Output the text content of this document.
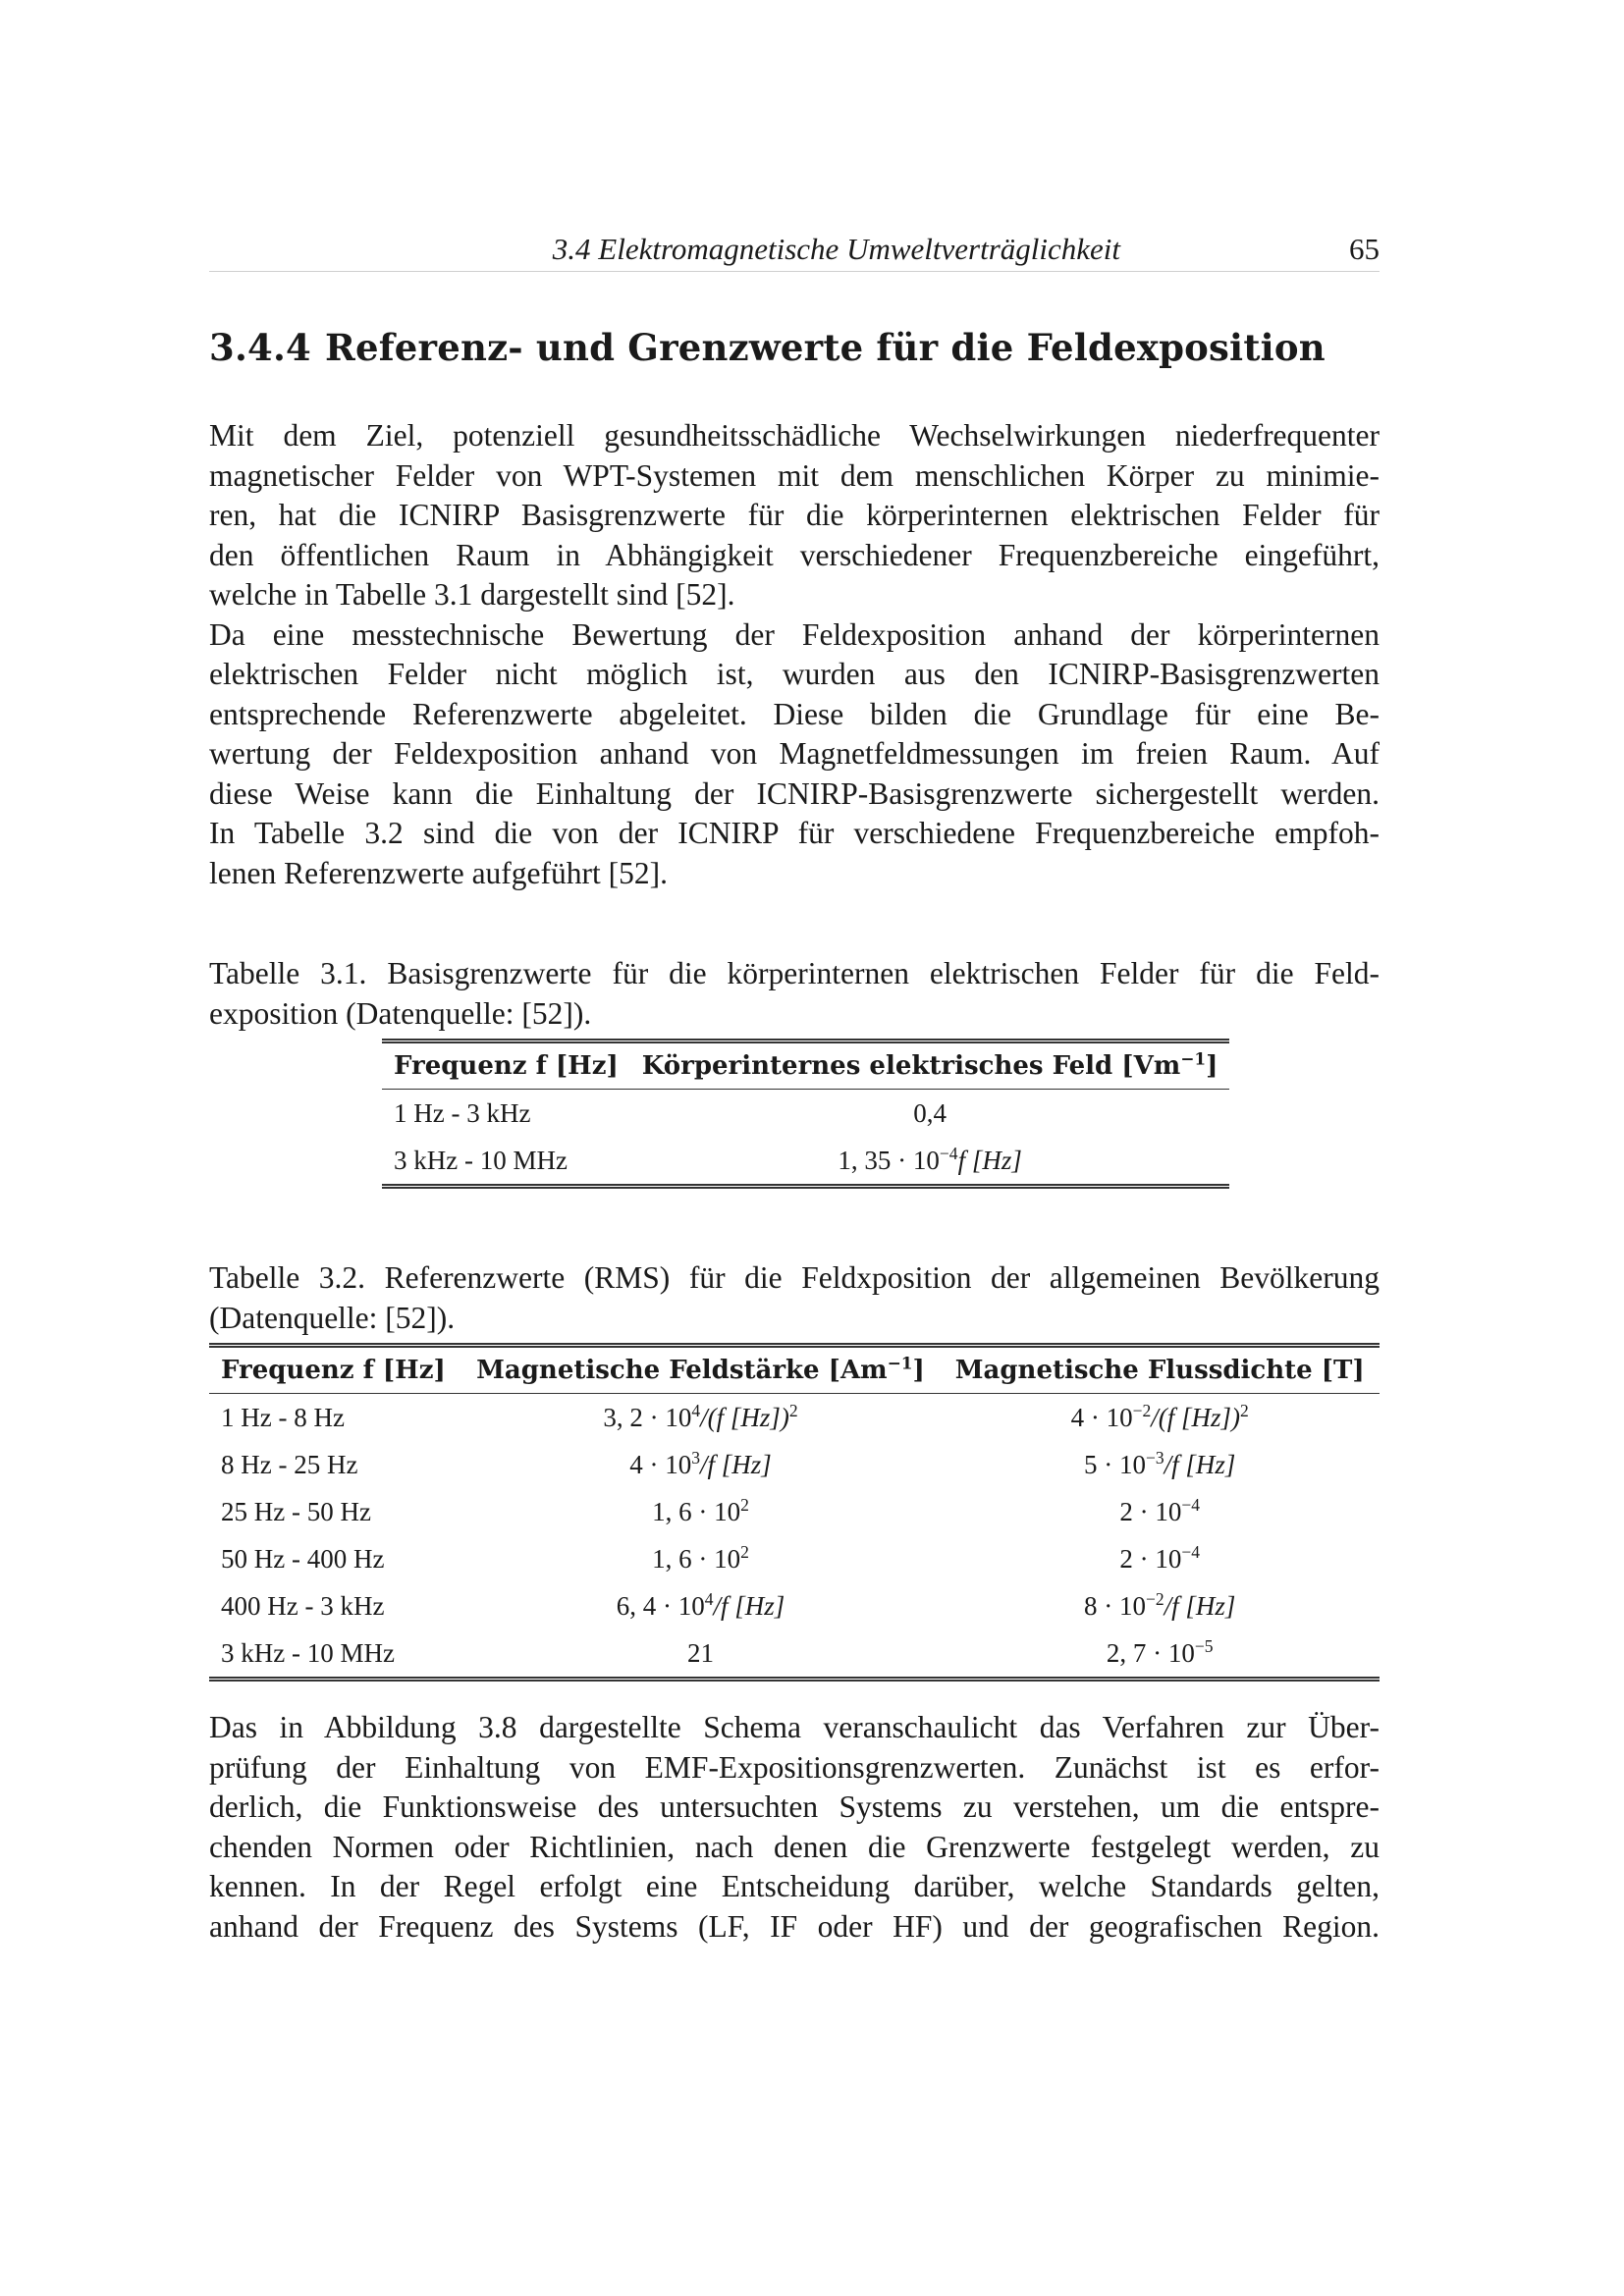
3.4 Elektromagnetische Umweltverträglichkeit	65
3.4.4 Referenz- und Grenzwerte für die Feldexposition
Mit dem Ziel, potenziell gesundheitsschädliche Wechselwirkungen niederfrequenter
magnetischer Felder von WPT-Systemen mit dem menschlichen Körper zu minimie-
ren, hat die ICNIRP Basisgrenzwerte für die körperinternen elektrischen Felder für
den öffentlichen Raum in Abhängigkeit verschiedener Frequenzbereiche eingeführt,
welche in Tabelle 3.1 dargestellt sind [52].
Da eine messtechnische Bewertung der Feldexposition anhand der körperinternen
elektrischen Felder nicht möglich ist, wurden aus den ICNIRP-Basisgrenzwerten
entsprechende Referenzwerte abgeleitet. Diese bilden die Grundlage für eine Be-
wertung der Feldexposition anhand von Magnetfeldmessungen im freien Raum. Auf
diese Weise kann die Einhaltung der ICNIRP-Basisgrenzwerte sichergestellt werden.
In Tabelle 3.2 sind die von der ICNIRP für verschiedene Frequenzbereiche empfoh-
lenen Referenzwerte aufgeführt [52].
Tabelle 3.1. Basisgrenzwerte für die körperinternen elektrischen Felder für die Feld-
exposition (Datenquelle: [52]).
Frequenz f [Hz]	Körperinternes elektrisches Feld $[Vm^{-1}]$
1 Hz - 3 kHz	0,4
3 kHz - 10 MHz	1, $35 \cdot 10^{-4}f$ [Hz]
Tabelle 3.2. Referenzwerte (RMS) für die Feldxposition der allgemeinen Bevölkerung
(Datenquelle: [52]).
Frequenz f [Hz]	Magnetische Feldstärke $[Am^{-1}]$	Magnetische Flussdichte [T]
1 Hz - 8 Hz	3, $2 \cdot 10^4/(f$ [Hz])$^2$	$4 \cdot 10^{-2}/(f$ [Hz])$^2$
8 Hz - 25 Hz	$4 \cdot 10^3/f$ [Hz]	$5 \cdot 10^{-3}/f$ [Hz]
25 Hz - 50 Hz	1, $6 \cdot 10^2$	$2 \cdot 10^{-4}$
50 Hz - 400 Hz	1, $6 \cdot 10^2$	$2 \cdot 10^{-4}$
400 Hz - 3 kHz	6, $4 \cdot 10^4/f$ [Hz]	$8 \cdot 10^{-2}/f$ [Hz]
3 kHz - 10 MHz	21	2, $7 \cdot 10^{-5}$
Das in Abbildung 3.8 dargestellte Schema veranschaulicht das Verfahren zur Über-
prüfung der Einhaltung von EMF-Expositionsgrenzwerten. Zunächst ist es erfor-
derlich, die Funktionsweise des untersuchten Systems zu verstehen, um die entspre-
chenden Normen oder Richtlinien, nach denen die Grenzwerte festgelegt werden, zu
kennen. In der Regel erfolgt eine Entscheidung darüber, welche Standards gelten,
anhand der Frequenz des Systems (LF, IF oder HF) und der geografischen Region.
